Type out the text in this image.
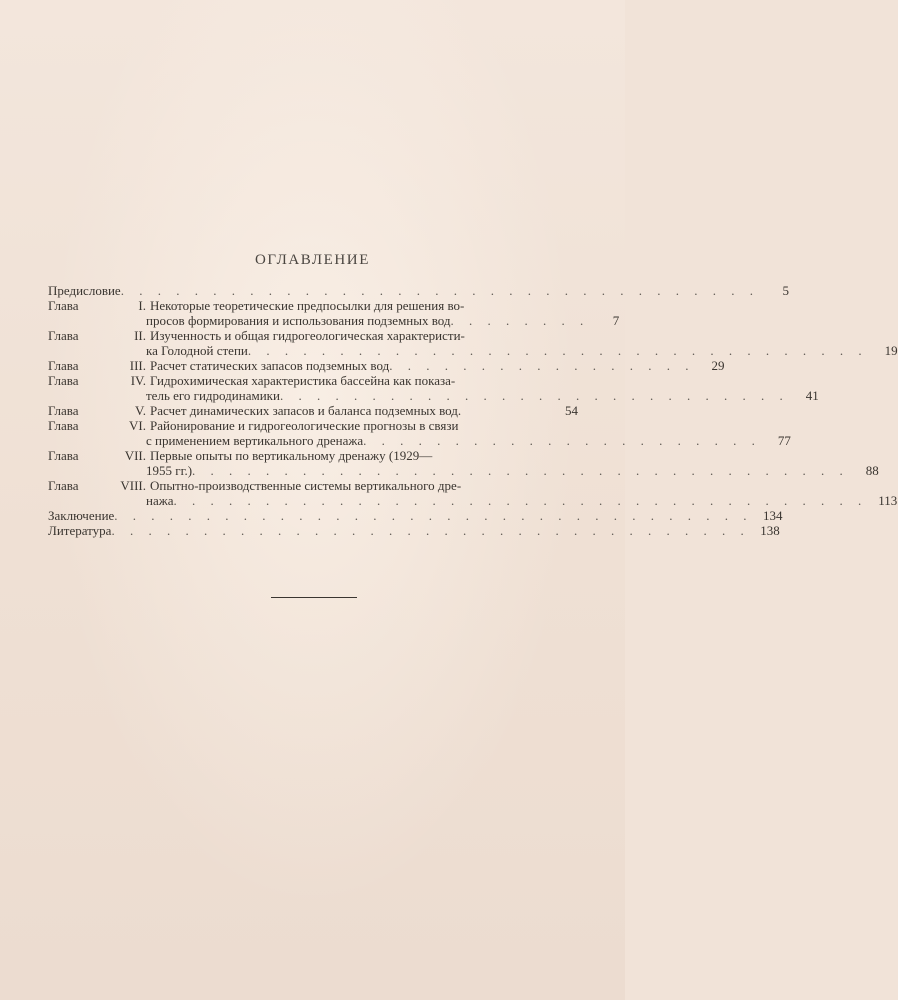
ОГЛАВЛЕНИЕ
Предисловие . . . . . . . . . . . . . . . . . . . . . . . . . . . . . . . . . . .	5
Глава	I. Некоторые теоретические предпосылки для решения во-
просов формирования и использования подземных вод . . . . . . . .	7
Глава	II. Изученность и общая гидрогеологическая характеристи-
ка Голодной степи . . . . . . . . . . . . . . . . . . . . . . . . . . . . . . . . . .	19
Глава	III. Расчет статических запасов подземных вод . . . . . . . . . . . . . . . . .	29
Глава	IV. Гидрохимическая характеристика бассейна как показа-
тель его гидродинамики . . . . . . . . . . . . . . . . . . . . . . . . . . . .	41
Глава	V. Расчет динамических запасов и баланса подземных вод.	54
Глава	VI. Районирование и гидрогеологические прогнозы в связи
с применением вертикального дренажа . . . . . . . . . . . . . . . . . . . . . .	77
Глава	VII. Первые опыты по вертикальному дренажу (1929—
1955 гг.) . . . . . . . . . . . . . . . . . . . . . . . . . . . . . . . . . . . .	88
Глава	VIII. Опытно-производственные системы вертикального дре-
нажа . . . . . . . . . . . . . . . . . . . . . . . . . . . . . . . . . . . . . . 113
Заключение . . . . . . . . . . . . . . . . . . . . . . . . . . . . . . . . . . . 134
Литература . . . . . . . . . . . . . . . . . . . . . . . . . . . . . . . . . . . 138
